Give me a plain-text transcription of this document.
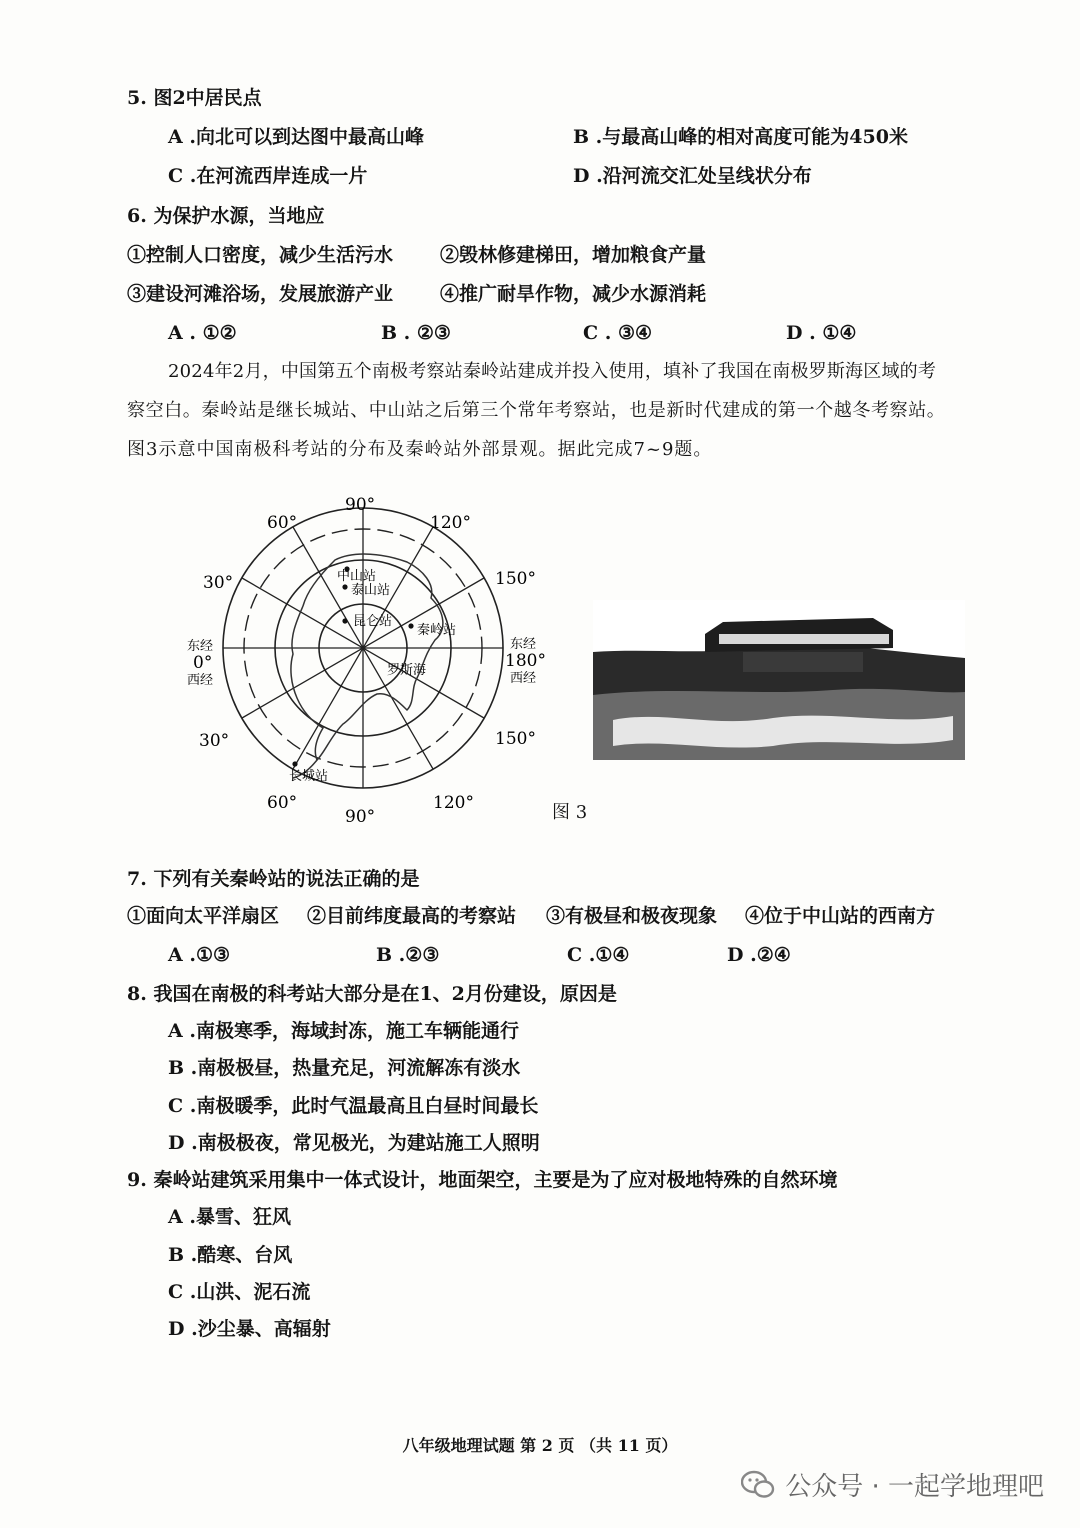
5. 图2中居民点
A .向北可以到达图中最高山峰	B .与最高山峰的相对高度可能为450米
C .在河流西岸连成一片	D .沿河流交汇处呈线状分布
6. 为保护水源，当地应
①控制人口密度，减少生活污水 ②毁林修建梯田，增加粮食产量
③建设河滩浴场，发展旅游产业 ④推广耐旱作物，减少水源消耗
A . ①②	B . ②③	C . ③④	D . ①④
2024年2月，中国第五个南极考察站秦岭站建成并投入使用，填补了我国在南极罗斯海区域的考
察空白。秦岭站是继长城站、中山站之后第三个常年考察站，也是新时代建成的第一个越冬考察站。
图3示意中国南极科考站的分布及秦岭站外部景观。据此完成7~9题。
90°
60°	120°
30°	150°
东经
0°
西经
东经
180°
西经
30°	150°
60°	120°
90°
中山站
泰山站
昆仑站
秦岭站
罗斯海
长城站
图 3
7. 下列有关秦岭站的说法正确的是
①面向太平洋扇区 ②目前纬度最高的考察站 ③有极昼和极夜现象 ④位于中山站的西南方
A .①③	B .②③	C .①④	D .②④
8. 我国在南极的科考站大部分是在1、2月份建设，原因是
A .南极寒季，海域封冻，施工车辆能通行
B .南极极昼，热量充足，河流解冻有淡水
C .南极暖季，此时气温最高且白昼时间最长
D .南极极夜，常见极光，为建站施工人照明
9. 秦岭站建筑采用集中一体式设计，地面架空，主要是为了应对极地特殊的自然环境
A .暴雪、狂风
B .酷寒、台风
C .山洪、泥石流
D .沙尘暴、高辐射
八年级地理试题 第 2 页 （共 11 页）
公众号 · 一起学地理吧
